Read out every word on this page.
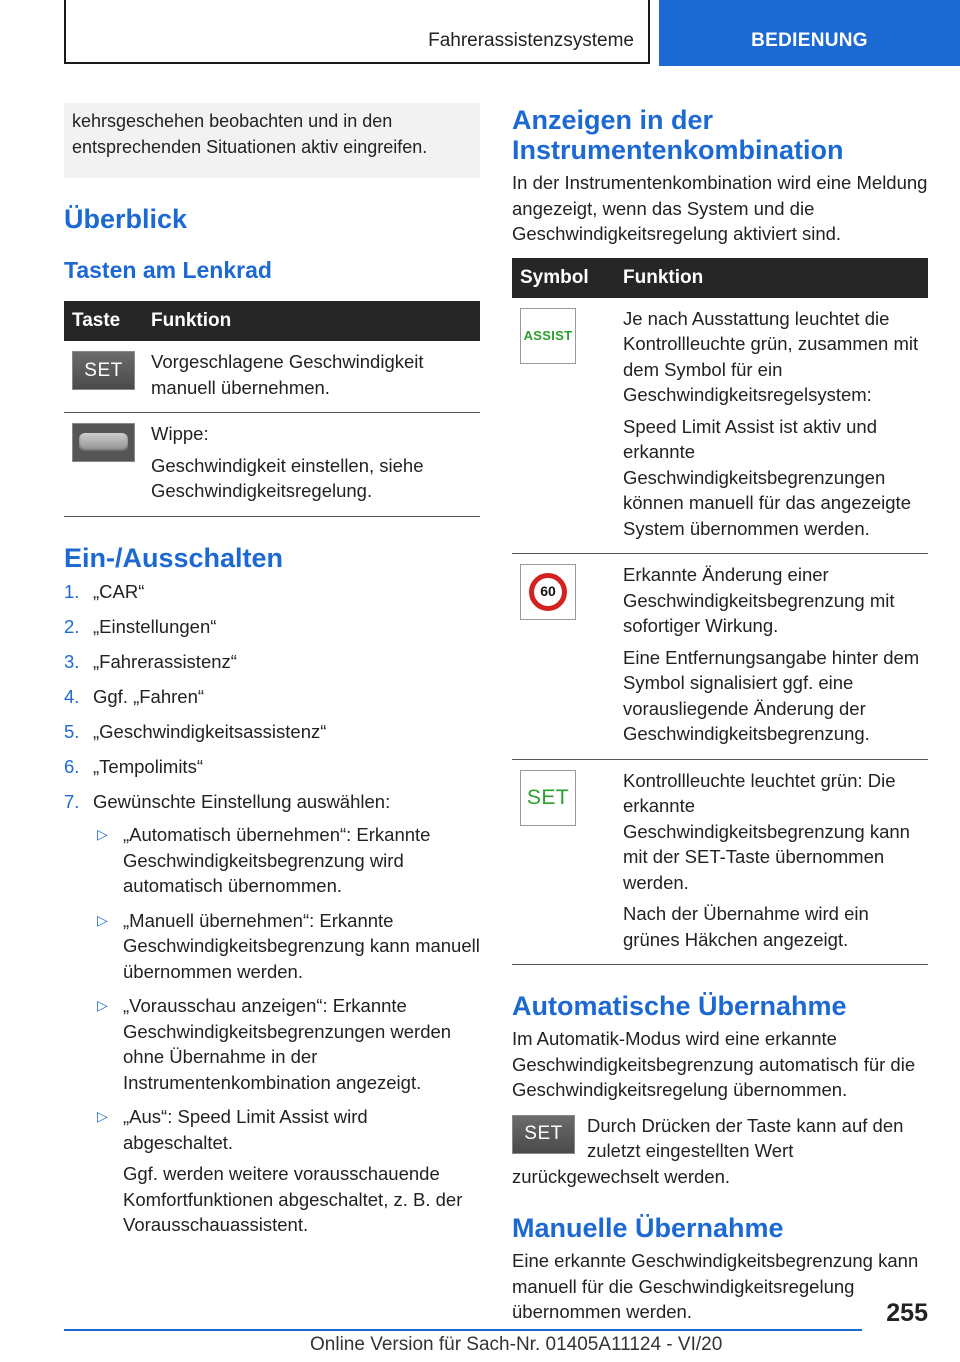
Fahrerassistenzsysteme	BEDIENUNG
kehrsgeschehen beobachten und in den entsprechenden Situationen aktiv eingreifen.
Überblick
Tasten am Lenkrad
Taste	Funktion

SET	Vorgeschlagene Geschwindigkeit manuell übernehmen.

	Wippe:

Geschwindigkeit einstellen, siehe Geschwindigkeitsregelung.

Ein-/Ausschalten
1. „CAR“
2. „Einstellungen“
3. „Fahrerassistenz“
4. Ggf. „Fahren“
5. „Geschwindigkeitsassistenz“
6. „Tempolimits“
7. Gewünschte Einstellung auswählen:
▷ „Automatisch übernehmen“: Erkannte Geschwindigkeitsbegrenzung wird automatisch übernommen.

▷ „Manuell übernehmen“: Erkannte Geschwindigkeitsbegrenzung kann manuell übernommen werden.

▷ „Vorausschau anzeigen“: Erkannte Geschwindigkeitsbegrenzungen werden ohne Übernahme in der Instrumentenkombination angezeigt.

▷ „Aus“: Speed Limit Assist wird abgeschaltet.

Ggf. werden weitere vorausschauende Komfortfunktionen abgeschaltet, z. B. der Vorausschauassistent.

Anzeigen in der Instrumentenkombination

In der Instrumentenkombination wird eine Meldung angezeigt, wenn das System und die Geschwindigkeitsregelung aktiviert sind.

Symbol	Funktion

ASSIST	Je nach Ausstattung leuchtet die Kontrollleuchte grün, zusammen mit dem Symbol für ein Geschwindigkeitsregelsystem:

Speed Limit Assist ist aktiv und erkannte Geschwindigkeitsbegrenzungen können manuell für das angezeigte System übernommen werden.

60	Erkannte Änderung einer Geschwindigkeitsbegrenzung mit sofortiger Wirkung.

Eine Entfernungsangabe hinter dem Symbol signalisiert ggf. eine vorausliegende Änderung der Geschwindigkeitsbegrenzung.

SET	Kontrollleuchte leuchtet grün: Die erkannte Geschwindigkeitsbegrenzung kann mit der SET-Taste übernommen werden.

Nach der Übernahme wird ein grünes Häkchen angezeigt.

Automatische Übernahme

Im Automatik-Modus wird eine erkannte Geschwindigkeitsbegrenzung automatisch für die Geschwindigkeitsregelung übernommen.

SET	Durch Drücken der Taste kann auf den zuletzt eingestellten Wert zurückgewechselt werden.

Manuelle Übernahme

Eine erkannte Geschwindigkeitsbegrenzung kann manuell für die Geschwindigkeitsregelung übernommen werden.	255
Online Version für Sach-Nr. 01405A11124 - VI/20
